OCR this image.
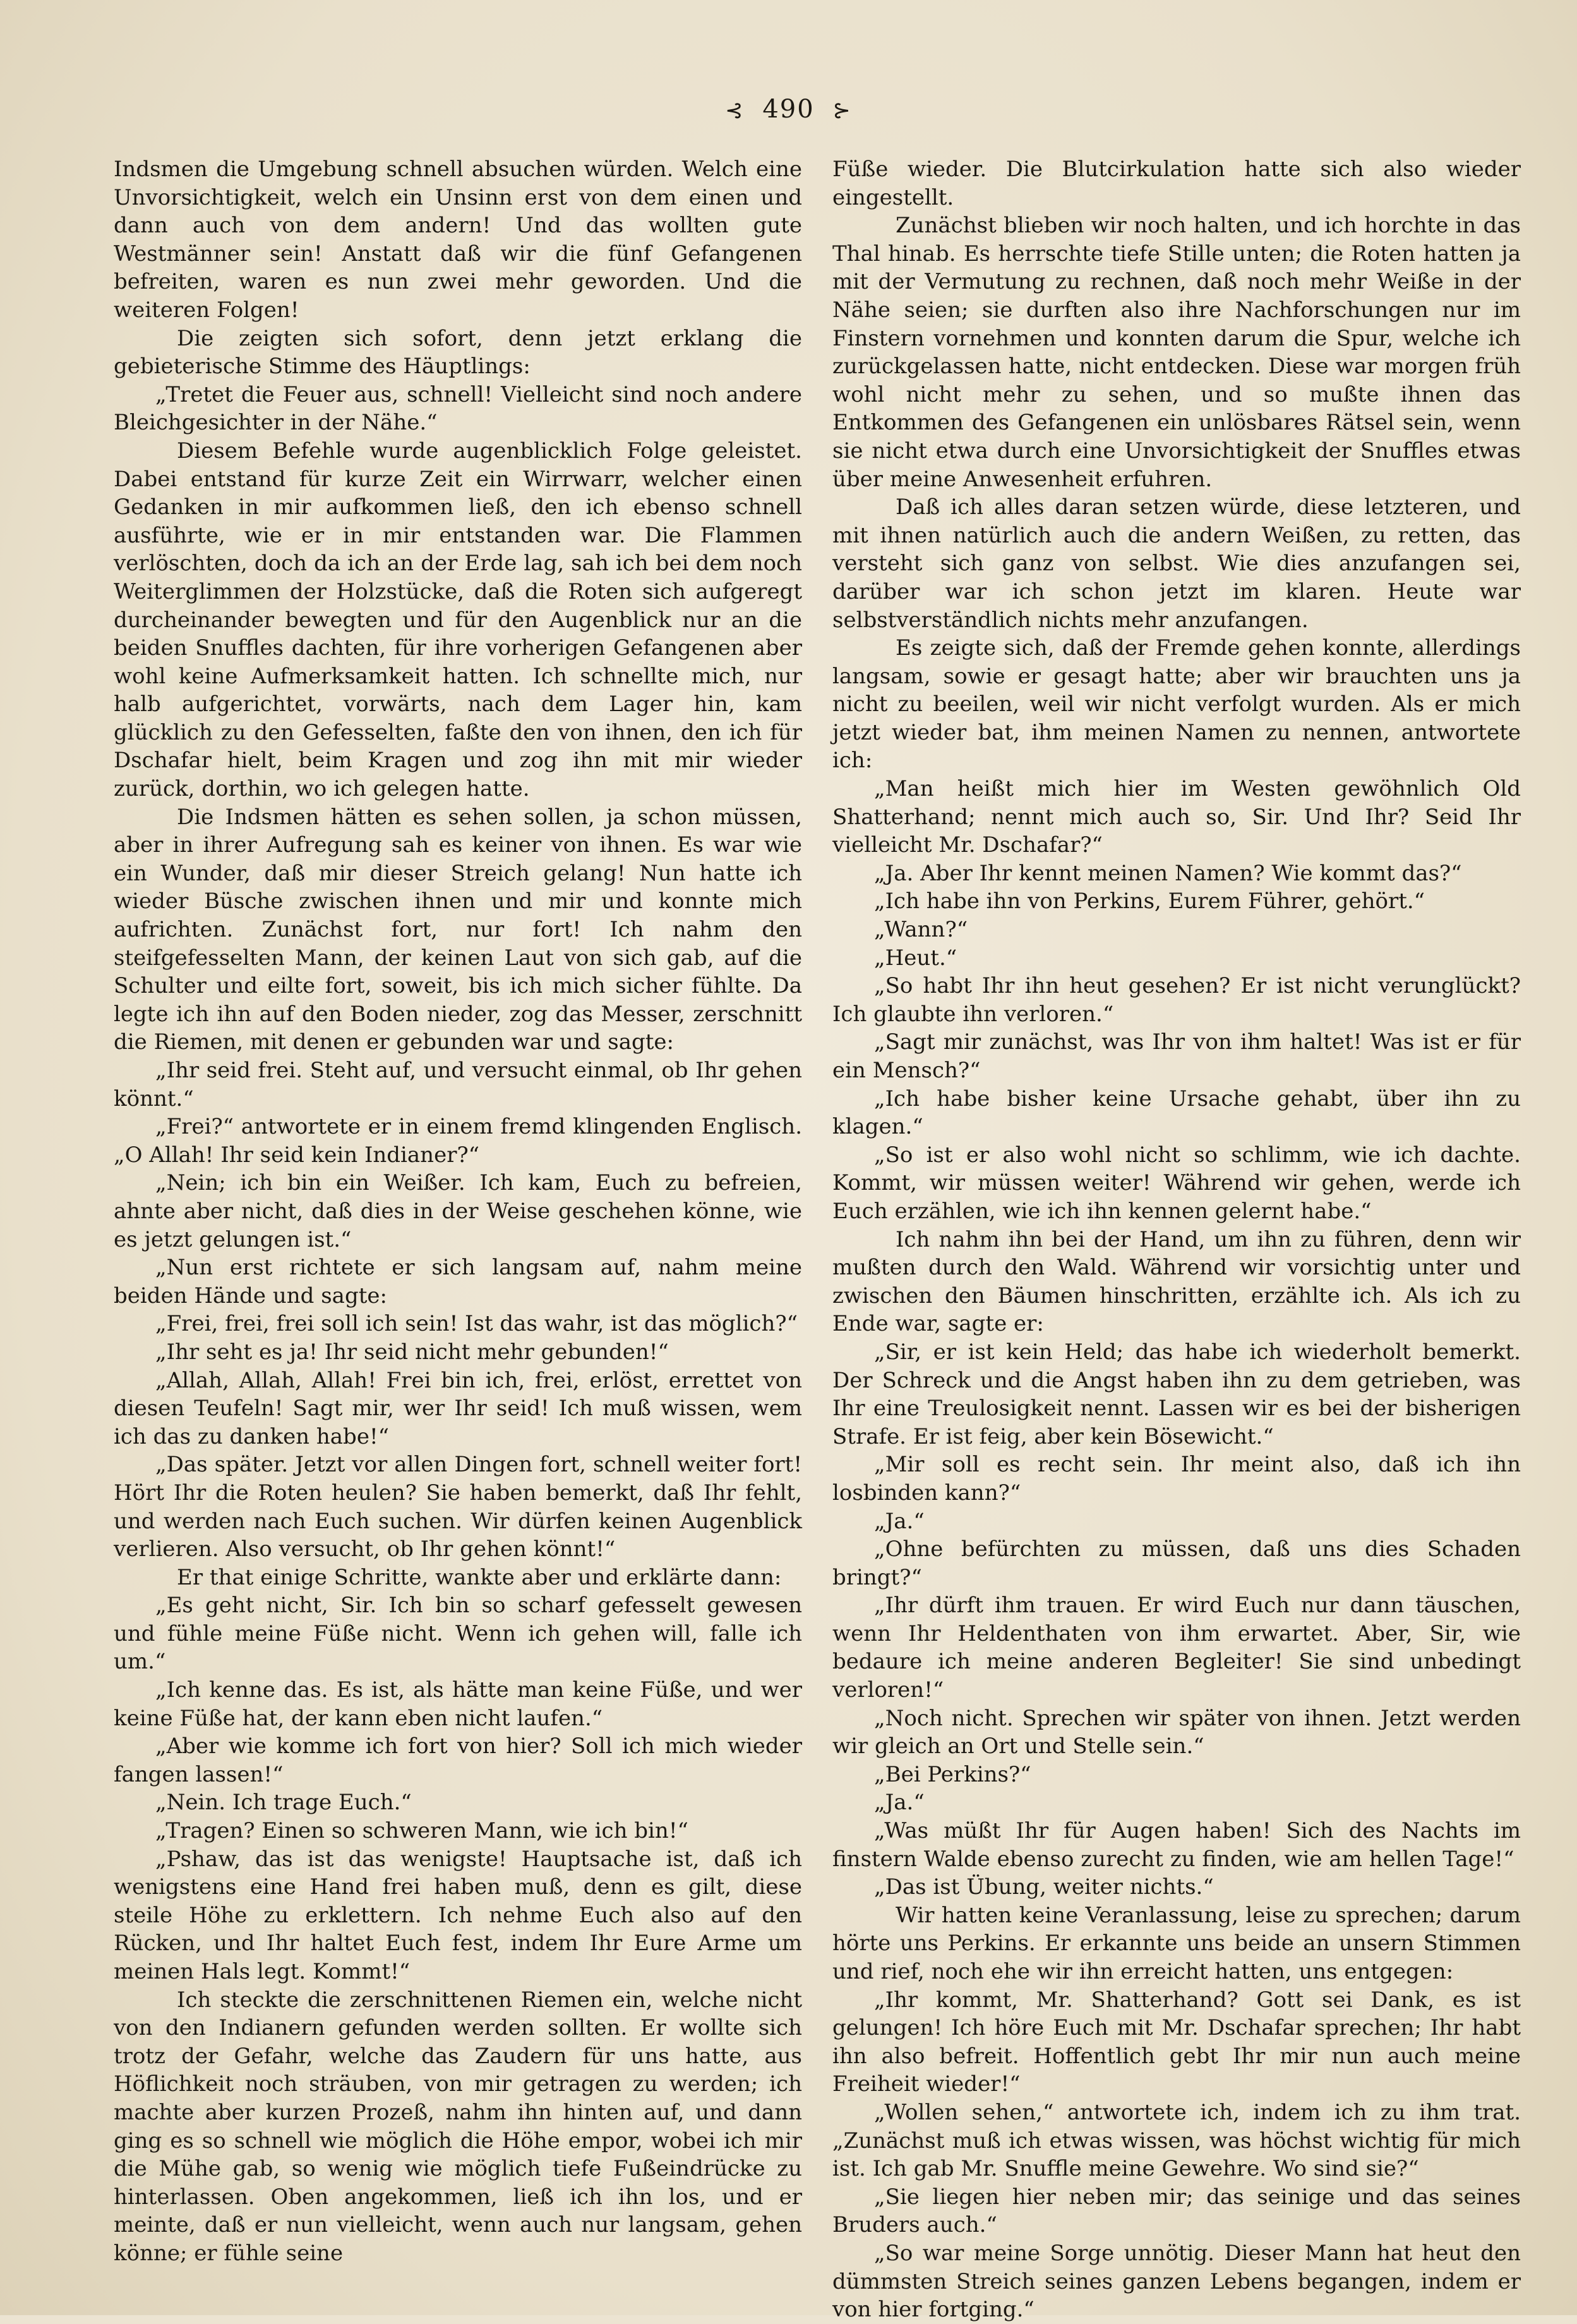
⊰ 490 ⊱

Indsmen die Umgebung schnell absuchen würden. Welch eine Unvorsichtigkeit, welch ein Unsinn erst von dem einen und dann auch von dem andern! Und das wollten gute Westmänner sein! Anstatt daß wir die fünf Gefangenen befreiten, waren es nun zwei mehr geworden. Und die weiteren Folgen!

Die zeigten sich sofort, denn jetzt erklang die gebieterische Stimme des Häuptlings:

„Tretet die Feuer aus, schnell! Vielleicht sind noch andere Bleichgesichter in der Nähe.“

Diesem Befehle wurde augenblicklich Folge geleistet. Dabei entstand für kurze Zeit ein Wirrwarr, welcher einen Gedanken in mir aufkommen ließ, den ich ebenso schnell ausführte, wie er in mir entstanden war. Die Flammen verlöschten, doch da ich an der Erde lag, sah ich bei dem noch Weiterglimmen der Holzstücke, daß die Roten sich aufgeregt durcheinander bewegten und für den Augenblick nur an die beiden Snuffles dachten, für ihre vorherigen Gefangenen aber wohl keine Aufmerksamkeit hatten. Ich schnellte mich, nur halb aufgerichtet, vorwärts, nach dem Lager hin, kam glücklich zu den Gefesselten, faßte den von ihnen, den ich für Dschafar hielt, beim Kragen und zog ihn mit mir wieder zurück, dorthin, wo ich gelegen hatte.

Die Indsmen hätten es sehen sollen, ja schon müssen, aber in ihrer Aufregung sah es keiner von ihnen. Es war wie ein Wunder, daß mir dieser Streich gelang! Nun hatte ich wieder Büsche zwischen ihnen und mir und konnte mich aufrichten. Zunächst fort, nur fort! Ich nahm den steifgefesselten Mann, der keinen Laut von sich gab, auf die Schulter und eilte fort, soweit, bis ich mich sicher fühlte. Da legte ich ihn auf den Boden nieder, zog das Messer, zerschnitt die Riemen, mit denen er gebunden war und sagte:

„Ihr seid frei. Steht auf, und versucht einmal, ob Ihr gehen könnt.“

„Frei?“ antwortete er in einem fremd klingenden Englisch. „O Allah! Ihr seid kein Indianer?“

„Nein; ich bin ein Weißer. Ich kam, Euch zu befreien, ahnte aber nicht, daß dies in der Weise geschehen könne, wie es jetzt gelungen ist.“

„Nun erst richtete er sich langsam auf, nahm meine beiden Hände und sagte:

„Frei, frei, frei soll ich sein! Ist das wahr, ist das möglich?“

„Ihr seht es ja! Ihr seid nicht mehr gebunden!“

„Allah, Allah, Allah! Frei bin ich, frei, erlöst, errettet von diesen Teufeln! Sagt mir, wer Ihr seid! Ich muß wissen, wem ich das zu danken habe!“

„Das später. Jetzt vor allen Dingen fort, schnell weiter fort! Hört Ihr die Roten heulen? Sie haben bemerkt, daß Ihr fehlt, und werden nach Euch suchen. Wir dürfen keinen Augenblick verlieren. Also versucht, ob Ihr gehen könnt!“

Er that einige Schritte, wankte aber und erklärte dann:

„Es geht nicht, Sir. Ich bin so scharf gefesselt gewesen und fühle meine Füße nicht. Wenn ich gehen will, falle ich um.“

„Ich kenne das. Es ist, als hätte man keine Füße, und wer keine Füße hat, der kann eben nicht laufen.“

„Aber wie komme ich fort von hier? Soll ich mich wieder fangen lassen!“

„Nein. Ich trage Euch.“

„Tragen? Einen so schweren Mann, wie ich bin!“

„Pshaw, das ist das wenigste! Hauptsache ist, daß ich wenigstens eine Hand frei haben muß, denn es gilt, diese steile Höhe zu erklettern. Ich nehme Euch also auf den Rücken, und Ihr haltet Euch fest, indem Ihr Eure Arme um meinen Hals legt. Kommt!“

Ich steckte die zerschnittenen Riemen ein, welche nicht von den Indianern gefunden werden sollten. Er wollte sich trotz der Gefahr, welche das Zaudern für uns hatte, aus Höflichkeit noch sträuben, von mir getragen zu werden; ich machte aber kurzen Prozeß, nahm ihn hinten auf, und dann ging es so schnell wie möglich die Höhe empor, wobei ich mir die Mühe gab, so wenig wie möglich tiefe Fußeindrücke zu hinterlassen. Oben angekommen, ließ ich ihn los, und er meinte, daß er nun vielleicht, wenn auch nur langsam, gehen könne; er fühle seine

Füße wieder. Die Blutcirkulation hatte sich also wieder eingestellt.

Zunächst blieben wir noch halten, und ich horchte in das Thal hinab. Es herrschte tiefe Stille unten; die Roten hatten ja mit der Vermutung zu rechnen, daß noch mehr Weiße in der Nähe seien; sie durften also ihre Nachforschungen nur im Finstern vornehmen und konnten darum die Spur, welche ich zurückgelassen hatte, nicht entdecken. Diese war morgen früh wohl nicht mehr zu sehen, und so mußte ihnen das Entkommen des Gefangenen ein unlösbares Rätsel sein, wenn sie nicht etwa durch eine Unvorsichtigkeit der Snuffles etwas über meine Anwesenheit erfuhren.

Daß ich alles daran setzen würde, diese letzteren, und mit ihnen natürlich auch die andern Weißen, zu retten, das versteht sich ganz von selbst. Wie dies anzufangen sei, darüber war ich schon jetzt im klaren. Heute war selbstverständlich nichts mehr anzufangen.

Es zeigte sich, daß der Fremde gehen konnte, allerdings langsam, sowie er gesagt hatte; aber wir brauchten uns ja nicht zu beeilen, weil wir nicht verfolgt wurden. Als er mich jetzt wieder bat, ihm meinen Namen zu nennen, antwortete ich:

„Man heißt mich hier im Westen gewöhnlich Old Shatterhand; nennt mich auch so, Sir. Und Ihr? Seid Ihr vielleicht Mr. Dschafar?“

„Ja. Aber Ihr kennt meinen Namen? Wie kommt das?“

„Ich habe ihn von Perkins, Eurem Führer, gehört.“

„Wann?“

„Heut.“

„So habt Ihr ihn heut gesehen? Er ist nicht verunglückt? Ich glaubte ihn verloren.“

„Sagt mir zunächst, was Ihr von ihm haltet! Was ist er für ein Mensch?“

„Ich habe bisher keine Ursache gehabt, über ihn zu klagen.“

„So ist er also wohl nicht so schlimm, wie ich dachte. Kommt, wir müssen weiter! Während wir gehen, werde ich Euch erzählen, wie ich ihn kennen gelernt habe.“

Ich nahm ihn bei der Hand, um ihn zu führen, denn wir mußten durch den Wald. Während wir vorsichtig unter und zwischen den Bäumen hinschritten, erzählte ich. Als ich zu Ende war, sagte er:

„Sir, er ist kein Held; das habe ich wiederholt bemerkt. Der Schreck und die Angst haben ihn zu dem getrieben, was Ihr eine Treulosigkeit nennt. Lassen wir es bei der bisherigen Strafe. Er ist feig, aber kein Bösewicht.“

„Mir soll es recht sein. Ihr meint also, daß ich ihn losbinden kann?“

„Ja.“

„Ohne befürchten zu müssen, daß uns dies Schaden bringt?“

„Ihr dürft ihm trauen. Er wird Euch nur dann täuschen, wenn Ihr Heldenthaten von ihm erwartet. Aber, Sir, wie bedaure ich meine anderen Begleiter! Sie sind unbedingt verloren!“

„Noch nicht. Sprechen wir später von ihnen. Jetzt werden wir gleich an Ort und Stelle sein.“

„Bei Perkins?“

„Ja.“

„Was müßt Ihr für Augen haben! Sich des Nachts im finstern Walde ebenso zurecht zu finden, wie am hellen Tage!“

„Das ist Übung, weiter nichts.“

Wir hatten keine Veranlassung, leise zu sprechen; darum hörte uns Perkins. Er erkannte uns beide an unsern Stimmen und rief, noch ehe wir ihn erreicht hatten, uns entgegen:

„Ihr kommt, Mr. Shatterhand? Gott sei Dank, es ist gelungen! Ich höre Euch mit Mr. Dschafar sprechen; Ihr habt ihn also befreit. Hoffentlich gebt Ihr mir nun auch meine Freiheit wieder!“

„Wollen sehen,“ antwortete ich, indem ich zu ihm trat. „Zunächst muß ich etwas wissen, was höchst wichtig für mich ist. Ich gab Mr. Snuffle meine Gewehre. Wo sind sie?“

„Sie liegen hier neben mir; das seinige und das seines Bruders auch.“

„So war meine Sorge unnötig. Dieser Mann hat heut den dümmsten Streich seines ganzen Lebens begangen, indem er von hier fortging.“
